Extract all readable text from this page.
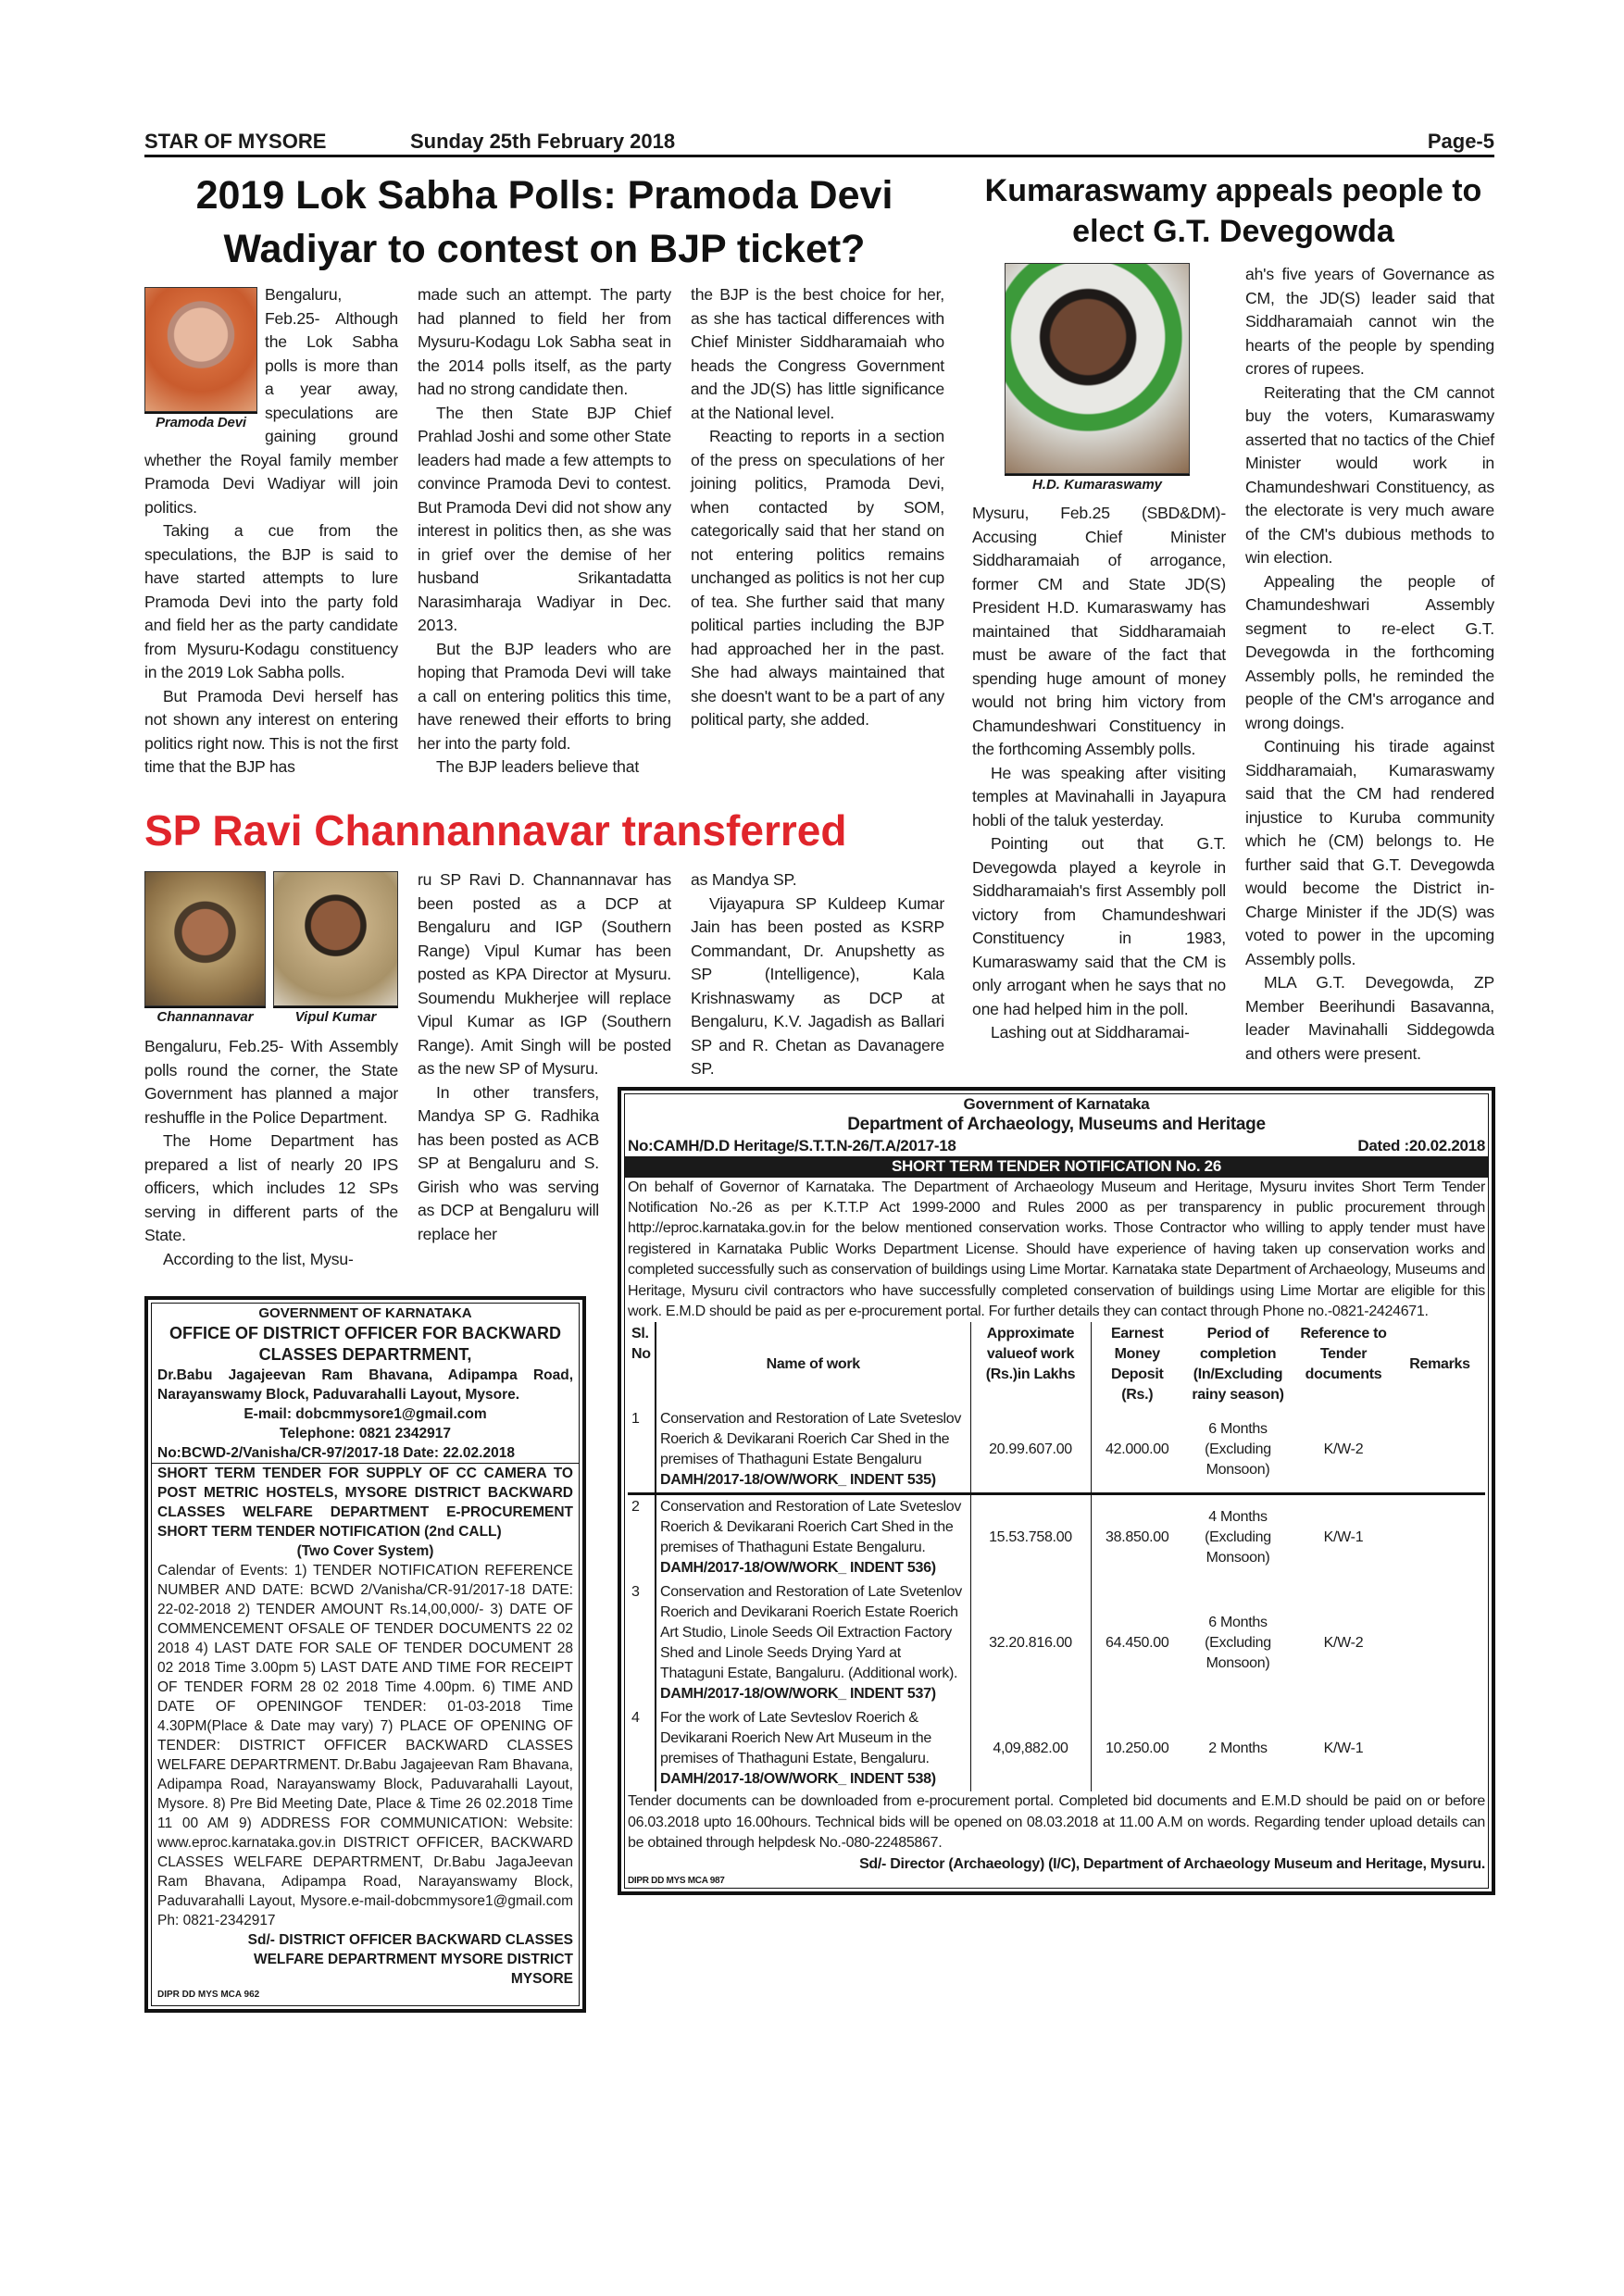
STAR OF MYSORE	Sunday 25th February 2018	Page-5
2019 Lok Sabha Polls: Pramoda Devi Wadiyar to contest on BJP ticket?
Pramoda Devi

Bengaluru, Feb.25- Although the Lok Sabha polls is more than a year away, speculations are gaining ground whether the Royal family member Pramoda Devi Wadiyar will join politics.

Taking a cue from the speculations, the BJP is said to have started attempts to lure Pramoda Devi into the party fold and field her as the party candidate from Mysuru-Kodagu constituency in the 2019 Lok Sabha polls.

But Pramoda Devi herself has not shown any interest on entering politics right now. This is not the first time that the BJP has

made such an attempt. The party had planned to field her from Mysuru-Kodagu Lok Sabha seat in the 2014 polls itself, as the party had no strong candidate then.

The then State BJP Chief Prahlad Joshi and some other State leaders had made a few attempts to convince Pramoda Devi to contest. But Pramoda Devi did not show any interest in politics then, as she was in grief over the demise of her husband Srikantadatta Narasimharaja Wadiyar in Dec. 2013.

But the BJP leaders who are hoping that Pramoda Devi will take a call on entering politics this time, have renewed their efforts to bring her into the party fold.

The BJP leaders believe that

the BJP is the best choice for her, as she has tactical differences with Chief Minister Siddharamaiah who heads the Congress Government and the JD(S) has little significance at the National level.

Reacting to reports in a section of the press on speculations of her joining politics, Pramoda Devi, when contacted by SOM, categorically said that her stand on not entering politics remains unchanged as politics is not her cup of tea. She further said that many political parties including the BJP had approached her in the past. She had always maintained that she doesn't want to be a part of any political party, she added.

SP Ravi Channannavar transferred
Channannavar	Vipul Kumar

Bengaluru, Feb.25- With Assembly polls round the corner, the State Government has planned a major reshuffle in the Police Department.

The Home Department has prepared a list of nearly 20 IPS officers, which includes 12 SPs serving in different parts of the State.

According to the list, Mysu-

ru SP Ravi D. Channannavar has been posted as a DCP at Bengaluru and IGP (Southern Range) Vipul Kumar has been posted as KPA Director at Mysuru. Soumendu Mukherjee will replace Vipul Kumar as IGP (Southern Range). Amit Singh will be posted as the new SP of Mysuru.

In other transfers, Mandya SP G. Radhika has been posted as ACB SP at Bengaluru and S. Girish who was serving as DCP at Bengaluru will replace her

as Mandya SP.

Vijayapura SP Kuldeep Kumar Jain has been posted as KSRP Commandant, Dr. Anupshetty as SP (Intelligence), Kala Krishnaswamy as DCP at Bengaluru, K.V. Jagadish as Ballari SP and R. Chetan as Davanagere SP.

Kumaraswamy appeals people to elect G.T. Devegowda
H.D. Kumaraswamy

Mysuru, Feb.25 (SBD&DM)- Accusing Chief Minister Siddharamaiah of arrogance, former CM and State JD(S) President H.D. Kumaraswamy has maintained that Siddharamaiah must be aware of the fact that spending huge amount of money would not bring him victory from Chamundeshwari Constituency in the forthcoming Assembly polls.

He was speaking after visiting temples at Mavinahalli in Jayapura hobli of the taluk yesterday.

Pointing out that G.T. Devegowda played a keyrole in Siddharamaiah's first Assembly poll victory from Chamundeshwari Constituency in 1983, Kumaraswamy said that the CM is only arrogant when he says that no one had helped him in the poll.

Lashing out at Siddharamai-

ah's five years of Governance as CM, the JD(S) leader said that Siddharamaiah cannot win the hearts of the people by spending crores of rupees.

Reiterating that the CM cannot buy the voters, Kumaraswamy asserted that no tactics of the Chief Minister would work in Chamundeshwari Constituency, as the electorate is very much aware of the CM's dubious methods to win election.

Appealing the people of Chamundeshwari Assembly segment to re-elect G.T. Devegowda in the forthcoming Assembly polls, he reminded the people of the CM's arrogance and wrong doings.

Continuing his tirade against Siddharamaiah, Kumaraswamy said that the CM had rendered injustice to Kuruba community which he (CM) belongs to. He further said that G.T. Devegowda would become the District in-Charge Minister if the JD(S) was voted to power in the upcoming Assembly polls.

MLA G.T. Devegowda, ZP Member Beerihundi Basavanna, leader Mavinahalli Siddegowda and others were present.

GOVERNMENT OF KARNATAKA
OFFICE OF DISTRICT OFFICER FOR BACKWARD CLASSES DEPARTRMENT,
Dr.Babu Jagajeevan Ram Bhavana, Adipampa Road, Narayanswamy Block, Paduvarahalli Layout, Mysore.
E-mail: dobcmmysore1@gmail.com
Telephone: 0821 2342917
No:BCWD-2/Vanisha/CR-97/2017-18 Date: 22.02.2018
SHORT TERM TENDER FOR SUPPLY OF CC CAMERA TO POST METRIC HOSTELS, MYSORE DISTRICT BACKWARD CLASSES WELFARE DEPARTMENT E-PROCUREMENT SHORT TERM TENDER NOTIFICATION (2nd CALL)
(Two Cover System)
Calendar of Events: 1) TENDER NOTIFICATION REFERENCE NUMBER AND DATE: BCWD 2/Vanisha/CR-91/2017-18 DATE: 22-02-2018 2) TENDER AMOUNT Rs.14,00,000/- 3) DATE OF COMMENCEMENT OFSALE OF TENDER DOCUMENTS 22 02 2018 4) LAST DATE FOR SALE OF TENDER DOCUMENT 28 02 2018 Time 3.00pm 5) LAST DATE AND TIME FOR RECEIPT OF TENDER FORM 28 02 2018 Time 4.00pm. 6) TIME AND DATE OF OPENINGOF TENDER: 01-03-2018 Time 4.30PM(Place & Date may vary) 7) PLACE OF OPENING OF TENDER: DISTRICT OFFICER BACKWARD CLASSES WELFARE DEPARTRMENT. Dr.Babu Jagajeevan Ram Bhavana, Adipampa Road, Narayanswamy Block, Paduvarahalli Layout, Mysore. 8) Pre Bid Meeting Date, Place & Time 26 02.2018 Time 11 00 AM 9) ADDRESS FOR COMMUNICATION: Website: www.eproc.karnataka.gov.in DISTRICT OFFICER, BACKWARD CLASSES WELFARE DEPARTRMENT, Dr.Babu JagaJeevan Ram Bhavana, Adipampa Road, Narayanswamy Block, Paduvarahalli Layout, Mysore.e-mail-dobcmmysore1@gmail.com Ph: 0821-2342917
Sd/- DISTRICT OFFICER BACKWARD CLASSES WELFARE DEPARTRMENT MYSORE DISTRICT MYSORE
DIPR DD MYS MCA 962
Government of Karnataka
Department of Archaeology, Museums and Heritage
No:CAMH/D.D Heritage/S.T.T.N-26/T.A/2017-18	Dated :20.02.2018
SHORT TERM TENDER NOTIFICATION No. 26
On behalf of Governor of Karnataka. The Department of Archaeology Museum and Heritage, Mysuru invites Short Term Tender Notification No.-26 as per K.T.T.P Act 1999-2000 and Rules 2000 as per transparency in public procurement through http://eproc.karnataka.gov.in for the below mentioned conservation works. Those Contractor who willing to apply tender must have registered in Karnataka Public Works Department License. Should have experience of having taken up conservation works and completed successfully such as conservation of buildings using Lime Mortar. Karnataka state Department of Archaeology, Museums and Heritage, Mysuru civil contractors who have successfully completed conservation of buildings using Lime Mortar are eligible for this work. E.M.D should be paid as per e-procurement portal. For further details they can contact through Phone no.-0821-2424671.
Sl. No	Name of work	Approximate valueof work (Rs.)in Lakhs	Earnest Money Deposit (Rs.)	Period of completion (In/Excluding rainy season)	Reference to Tender documents	Remarks
1	Conservation and Restoration of Late Sveteslov Roerich & Devikarani Roerich Car Shed in the premises of Thathaguni Estate Bengaluru
DAMH/2017-18/OW/WORK_ INDENT 535)	20.99.607.00	42.000.00	6 Months (Excluding Monsoon)	K/W-2	
2	Conservation and Restoration of Late Sveteslov Roerich & Devikarani Roerich Cart Shed in the premises of Thathaguni Estate Bengaluru.
DAMH/2017-18/OW/WORK_ INDENT 536)	15.53.758.00	38.850.00	4 Months (Excluding Monsoon)	K/W-1	
3	Conservation and Restoration of Late Svetenlov Roerich and Devikarani Roerich Estate Roerich Art Studio, Linole Seeds Oil Extraction Factory Shed and Linole Seeds Drying Yard at Thataguni Estate, Bangaluru. (Additional work).
DAMH/2017-18/OW/WORK_ INDENT 537)	32.20.816.00	64.450.00	6 Months (Excluding Monsoon)	K/W-2	
4	For the work of Late Sevteslov Roerich & Devikarani Roerich New Art Museum in the premises of Thathaguni Estate, Bengaluru.
DAMH/2017-18/OW/WORK_ INDENT 538)	4,09,882.00	10.250.00	2 Months	K/W-1	
Tender documents can be downloaded from e-procurement portal. Completed bid documents and E.M.D should be paid on or before 06.03.2018 upto 16.00hours. Technical bids will be opened on 08.03.2018 at 11.00 A.M on words. Regarding tender upload details can be obtained through helpdesk No.-080-22485867.
Sd/- Director (Archaeology) (I/C), Department of Archaeology Museum and Heritage, Mysuru.
DIPR DD MYS MCA 987
